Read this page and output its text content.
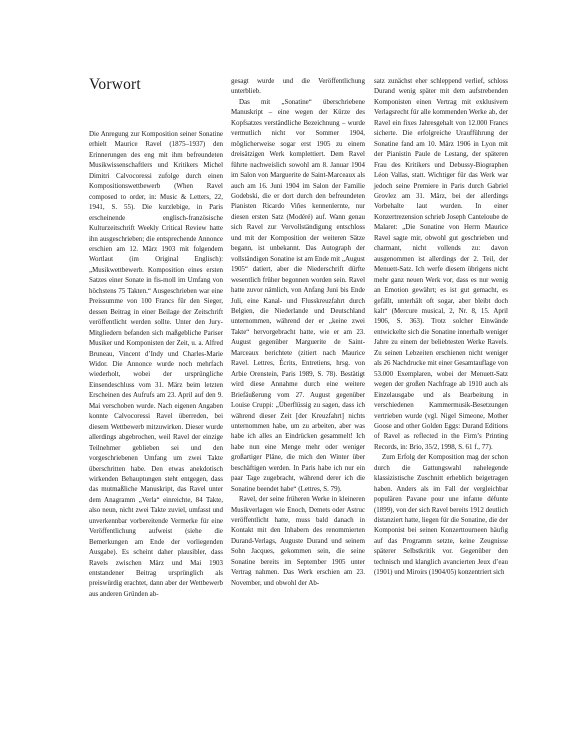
Vorwort

Die Anregung zur Komposition seiner Sonatine erhielt Maurice Ravel (1875–1937) den Erinnerungen des eng mit ihm befreundeten Musikwissenschaftlers und Kritikers Michel Dimitri Calvocoressi zufolge durch einen Kompositionswettbewerb (When Ravel composed to order, in: Music & Letters, 22, 1941, S. 55). Die kurzlebige, in Paris erscheinende englisch-französische Kulturzeitschrift Weekly Critical Review hatte ihn ausgeschrieben; die entsprechende Annonce erschien am 12. März 1903 mit folgendem Wortlaut (im Original Englisch): „Musikwettbewerb. Komposition eines ersten Satzes einer Sonate in fis-moll im Umfang von höchstens 75 Takten.“ Ausgeschrieben war eine Preissumme von 100 Francs für den Sieger, dessen Beitrag in einer Beilage der Zeitschrift veröffentlicht werden sollte. Unter den Jury-Mitgliedern befanden sich maßgebliche Pariser Musiker und Komponisten der Zeit, u. a. Alfred Bruneau, Vincent d’Indy und Charles-Marie Widor. Die Annonce wurde noch mehrfach wiederholt, wobei der ursprüngliche Einsendeschluss vom 31. März beim letzten Erscheinen des Aufrufs am 23. April auf den 9. Mai verschoben wurde. Nach eigenen Angaben konnte Calvocoressi Ravel überreden, bei diesem Wettbewerb mitzuwirken. Dieser wurde allerdings abgebrochen, weil Ravel der einzige Teilnehmer geblieben sei und den vorgeschriebenen Umfang um zwei Takte überschritten habe. Den etwas anekdotisch wirkenden Behauptungen steht entgegen, dass das mutmaßliche Manuskript, das Ravel unter dem Anagramm „Verla“ einreichte, 84 Takte, also neun, nicht zwei Takte zuviel, umfasst und unverkennbar vorbereitende Vermerke für eine Veröffentlichung aufweist (siehe die Bemerkungen am Ende der vorliegenden Ausgabe). Es scheint daher plausibler, dass Ravels zwischen März und Mai 1903 entstandener Beitrag ursprünglich als preiswürdig erachtet, dann aber der Wettbewerb aus anderen Gründen ab-

gesagt wurde und die Veröffentlichung unterblieb.

Das mit „Sonatine“ überschriebene Manuskript – eine wegen der Kürze des Kopfsatzes verständliche Bezeichnung – wurde vermutlich nicht vor Sommer 1904, möglicherweise sogar erst 1905 zu einem dreisätzigen Werk komplettiert. Dem Ravel führte nachweislich sowohl am 8. Januar 1904 im Salon von Marguerite de Saint-Marceaux als auch am 16. Juni 1904 im Salon der Familie Godebski, die er dort durch den befreundeten Pianisten Ricardo Viñes kennenlernte, nur diesen ersten Satz (Modéré) auf. Wann genau sich Ravel zur Vervollständigung entschloss und mit der Komposition der weiteren Sätze begann, ist unbekannt. Das Autograph der vollständigen Sonatine ist am Ende mit „August 1905“ datiert, aber die Niederschrift dürfte wesentlich früher begonnen worden sein. Ravel hatte zuvor nämlich, von Anfang Juni bis Ende Juli, eine Kanal- und Flusskreuzfahrt durch Belgien, die Niederlande und Deutschland unternommen, während der er „keine zwei Takte“ hervorgebracht hatte, wie er am 23. August gegenüber Marguerite de Saint-Marceaux berichtete (zitiert nach Maurice Ravel. Lettres, Écrits, Entretiens, hrsg. von Arbie Orenstein, Paris 1989, S. 78). Bestätigt wird diese Annahme durch eine weitere Briefäußerung vom 27. August gegenüber Louise Cruppi: „Überflüssig zu sagen, dass ich während dieser Zeit [der Kreuzfahrt] nichts unternommen habe, um zu arbeiten, aber was habe ich alles an Eindrücken gesammelt! Ich habe nun eine Menge mehr oder weniger großartiger Pläne, die mich den Winter über beschäftigen werden. In Paris habe ich nur ein paar Tage zugebracht, während derer ich die Sonatine beendet habe“ (Lettres, S. 79).

Ravel, der seine früheren Werke in kleineren Musikverlagen wie Enoch, Demets oder Astruc veröffentlicht hatte, muss bald danach in Kontakt mit den Inhabern des renommierten Durand-Verlags, Auguste Durand und seinem Sohn Jacques, gekommen sein, die seine Sonatine bereits im September 1905 unter Vertrag nahmen. Das Werk erschien am 23. November, und obwohl der Ab-

satz zunächst eher schleppend verlief, schloss Durand wenig später mit dem aufstrebenden Komponisten einen Vertrag mit exklusivem Verlagsrecht für alle kommenden Werke ab, der Ravel ein fixes Jahresgehalt von 12.000 Francs sicherte. Die erfolgreiche Uraufführung der Sonatine fand am 10. März 1906 in Lyon mit der Pianistin Paule de Lestang, der späteren Frau des Kritikers und Debussy-Biographen Léon Vallas, statt. Wichtiger für das Werk war jedoch seine Premiere in Paris durch Gabriel Grovlez am 31. März, bei der allerdings Vorbehalte laut wurden. In einer Konzertrezension schrieb Joseph Canteloube de Malaret: „Die Sonatine von Herrn Maurice Ravel sagte mir, obwohl gut geschrieben und charmant, nicht vollends zu: davon ausgenommen ist allerdings der 2. Teil, der Menuett-Satz. Ich werfe diesem übrigens nicht mehr ganz neuen Werk vor, dass es nur wenig an Emotion gewährt; es ist gut gemacht, es gefällt, unterhält oft sogar, aber bleibt doch kalt“ (Mercure musical, 2, Nr. 8, 15. April 1906, S. 363). Trotz solcher Einwände entwickelte sich die Sonatine innerhalb weniger Jahre zu einem der beliebtesten Werke Ravels. Zu seinen Lebzeiten erschienen nicht weniger als 26 Nachdrucke mit einer Gesamtauflage von 53.000 Exemplaren, wobei der Menuett-Satz wegen der großen Nachfrage ab 1910 auch als Einzelausgabe und als Bearbeitung in verschiedenen Kammermusik-Besetzungen vertrieben wurde (vgl. Nigel Simeone, Mother Goose and other Golden Eggs: Durand Editions of Ravel as reflected in the Firm’s Printing Records, in: Brio, 35/2, 1998, S. 61 f., 77).

Zum Erfolg der Komposition mag der schon durch die Gattungswahl nahelegende klassizistische Zuschnitt erheblich beigetragen haben. Anders als im Fall der vergleichbar populären Pavane pour une infante défunte (1899), von der sich Ravel bereits 1912 deutlich distanziert hatte, liegen für die Sonatine, die der Komponist bei seinen Konzerttourneen häufig auf das Programm setzte, keine Zeugnisse späterer Selbstkritik vor. Gegenüber den technisch und klanglich avancierten Jeux d’eau (1901) und Miroirs (1904/05) konzentriert sich
